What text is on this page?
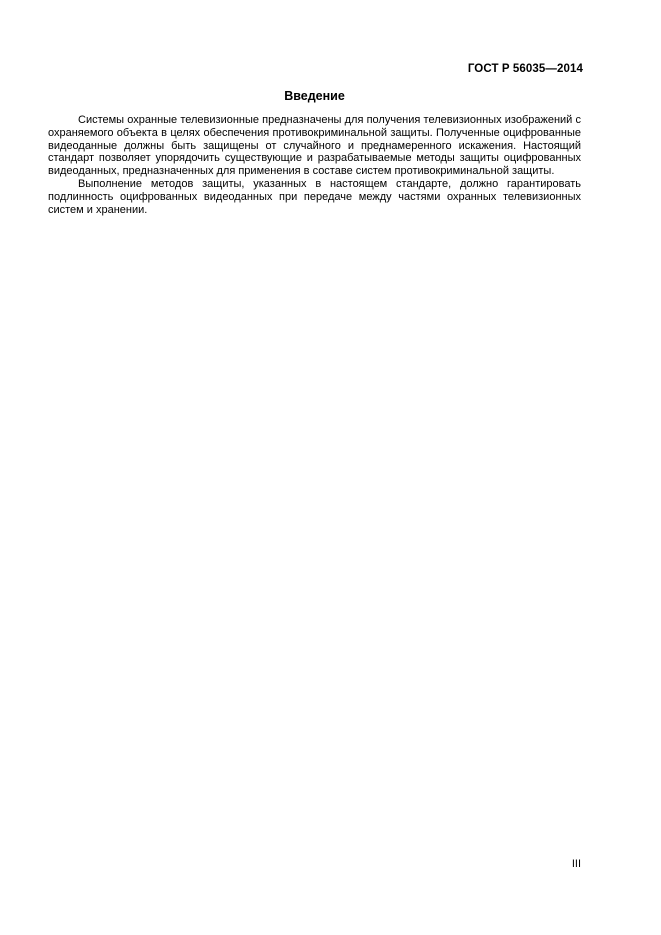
ГОСТ Р 56035—2014
Введение

Системы охранные телевизионные предназначены для получения телевизионных изображений с охраняемого объекта в целях обеспечения противокриминальной защиты. Полученные оцифрованные видеоданные должны быть защищены от случайного и преднамеренного искажения. Настоящий стандарт позволяет упорядочить существующие и разрабатываемые методы защиты оцифрованных видеоданных, предназначенных для применения в составе систем противокриминальной защиты.

Выполнение методов защиты, указанных в настоящем стандарте, должно гарантировать подлинность оцифрованных видеоданных при передаче между частями охранных телевизионных систем и хранении.

III
